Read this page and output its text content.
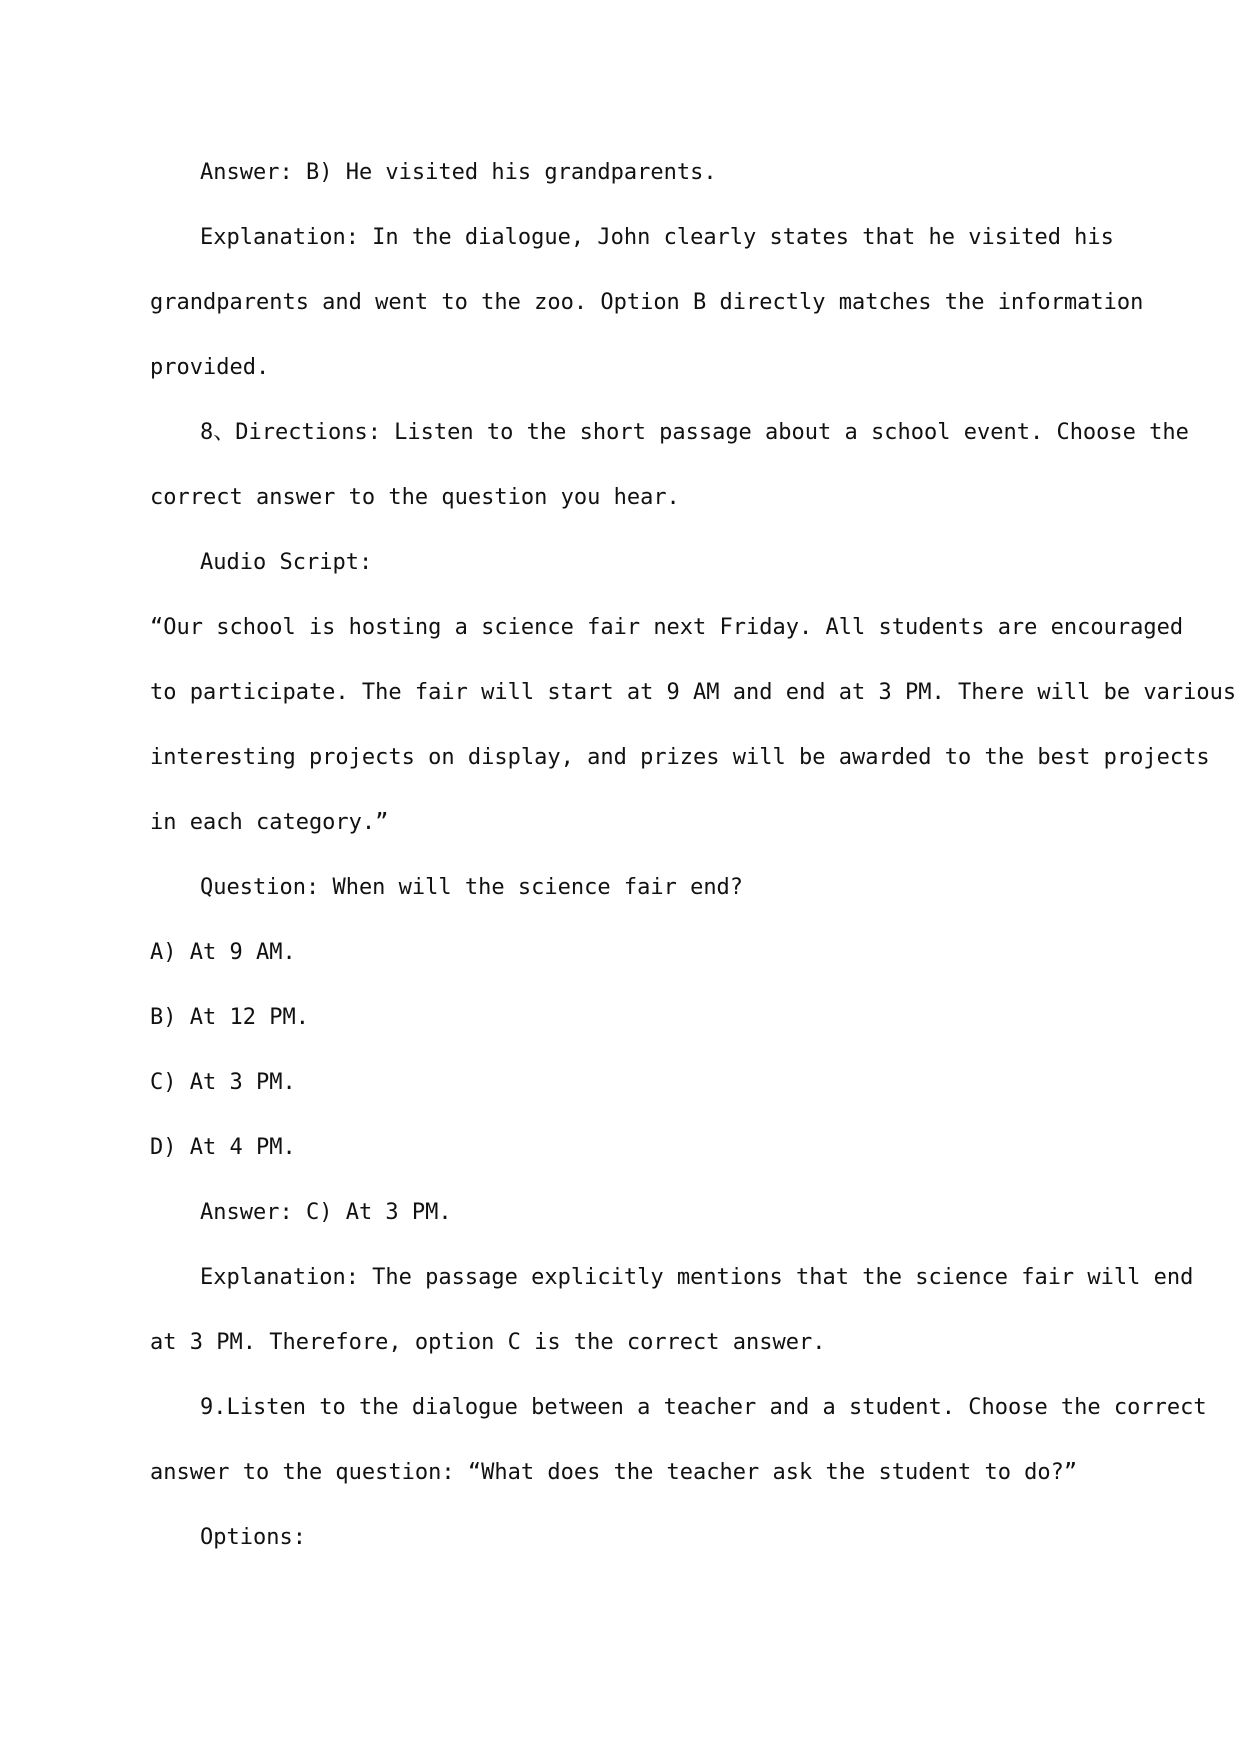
Answer: B) He visited his grandparents.
Explanation: In the dialogue, John clearly states that he visited his
grandparents and went to the zoo. Option B directly matches the information
provided.
8、Directions: Listen to the short passage about a school event. Choose the
correct answer to the question you hear.
Audio Script:
“Our school is hosting a science fair next Friday. All students are encouraged
to participate. The fair will start at 9 AM and end at 3 PM. There will be various
interesting projects on display, and prizes will be awarded to the best projects
in each category.”
Question: When will the science fair end?
A) At 9 AM.
B) At 12 PM.
C) At 3 PM.
D) At 4 PM.
Answer: C) At 3 PM.
Explanation: The passage explicitly mentions that the science fair will end
at 3 PM. Therefore, option C is the correct answer.
9.Listen to the dialogue between a teacher and a student. Choose the correct
answer to the question: “What does the teacher ask the student to do?”
Options:
